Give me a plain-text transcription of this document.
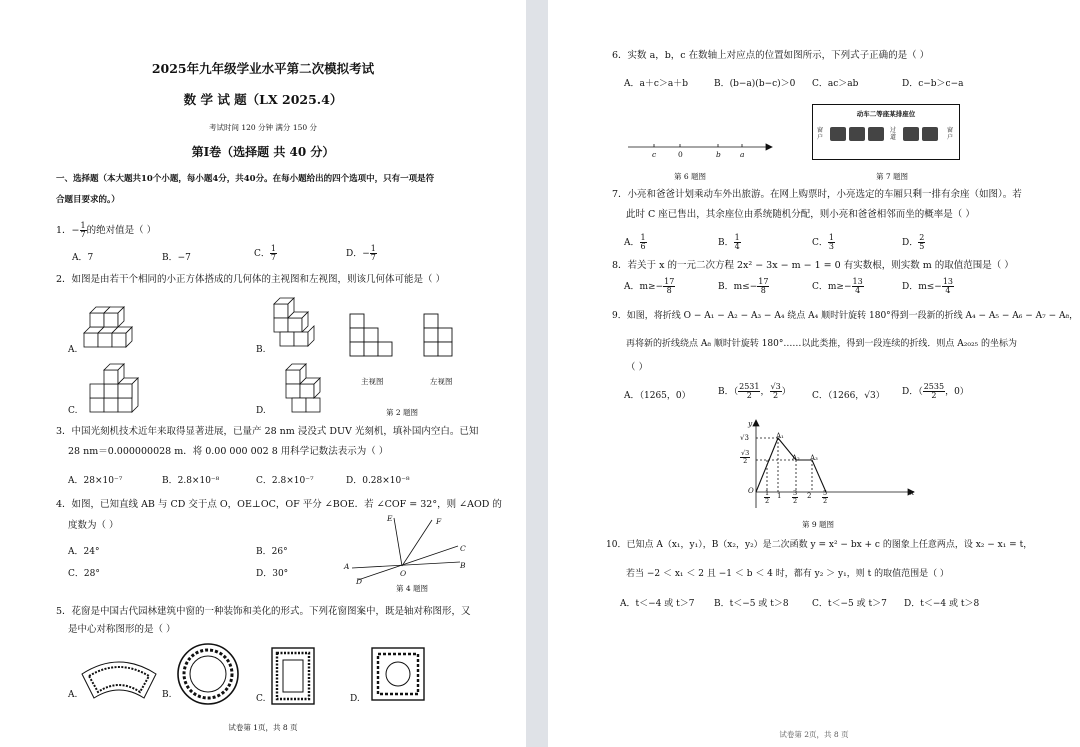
2025年九年级学业水平第二次模拟考试
数 学 试 题（LX 2025.4）
考试时间 120 分钟 满分 150 分
第Ⅰ卷（选择题 共 40 分）
一、选择题（本大题共10个小题，每小题4分，共40分。在每小题给出的四个选项中，只有一项是符
合题目要求的。）
1．− $\frac{1}{7}$ 的绝对值是（ ）
A．7	B．−7	C． $\frac{1}{7}$	D．− $\frac{1}{7}$
2．如图是由若干个相同的小正方体搭成的几何体的主视图和左视图，则该几何体可能是（ ）
A.	B.
主视图	左视图
C.	D.	第 2 题图
3．中国光刻机技术近年来取得显著进展，已量产 28 nm 浸没式 DUV 光刻机，填补国内空白。已知
28 nm＝0.000000028 m．将 0.00 000 002 8 用科学记数法表示为（ ）
A．28×10⁻⁷	B．2.8×10⁻⁸	C．2.8×10⁻⁷	D．0.28×10⁻⁸
4．如图，已知直线 AB 与 CD 交于点 O，OE⊥OC，OF 平分 ∠BOE．若 ∠COF = 32°，则 ∠AOD 的
度数为（ ）
A．24°	B．26°
C．28°	D．30°
E	F
C
B
A
D
O
第 4 题图
5．花窗是中国古代园林建筑中窗的一种装饰和美化的形式。下列花窗图案中，既是轴对称图形，又
是中心对称图形的是（ ）
A.	B.	C.	D.
试卷第 1页，共 8 页
6．实数 a，b，c 在数轴上对应点的位置如图所示，下列式子正确的是（ ）
A．a＋c＞a＋b	B．(b−a)(b−c)＞0 C．ac＞ab	D．c−b＞c−a
c	0	b	a
第 6 题图
动车二等座某排座位
窗
户
过
道
窗
户
第 7 题图
7．小亮和爸爸计划乘动车外出旅游。在网上购票时，小亮选定的车厢只剩一排有余座（如图）。若
此时 C 座已售出，其余座位由系统随机分配，则小亮和爸爸相邻而坐的概率是（ ）
A． $\frac{1}{6}$	B． $\frac{1}{4}$	C． $\frac{1}{3}$	D． $\frac{2}{5}$
8．若关于 x 的一元二次方程 2x² − 3x − m − 1 = 0 有实数根，则实数 m 的取值范围是（ ）
A．$m\ge- \frac{17}{8}$	B．$m\le- \frac{17}{8}$	C．$m\ge- \frac{13}{4}$	D．$m\le- \frac{13}{4}$
9．如图，将折线 O − A₁ − A₂ − A₃ − A₄ 绕点 A₄ 顺时针旋转 180°得到一段新的折线 A₄ − A₅ − A₆ − A₇ − A₈，
再将新的折线绕点 A₈ 顺时针旋转 180°……以此类推，得到一段连续的折线．则点 A₂₀₂₅ 的坐标为
（ ）
A．（1265，0）	B．（ $\frac{2531}{2}$ ， $\frac{√3}{2}$ ） C．（1266，√3） D．（ $\frac{2535}{2}$ ，0）
y
x
√3
$\frac{√3}{2}$
A₁
A₂ A₃
O $\frac{1}{2} 1 \frac{3}{2} 2 \frac{5}{2}$
第 9 题图
10．已知点 A（x₁，y₁），B（x₂，y₂）是二次函数 y = x² − bx + c 的图象上任意两点，设 x₂ − x₁ = t，
若当 −2 ＜ x₁ ＜ 2 且 −1 ＜ b ＜ 4 时，都有 y₂ ＞ y₁，则 t 的取值范围是（ ）
A．t＜−4 或 t＞7 B．t＜−5 或 t＞8	C．t＜−5 或 t＞7 D．t＜−4 或 t＞8
试卷第 2页，共 8 页
